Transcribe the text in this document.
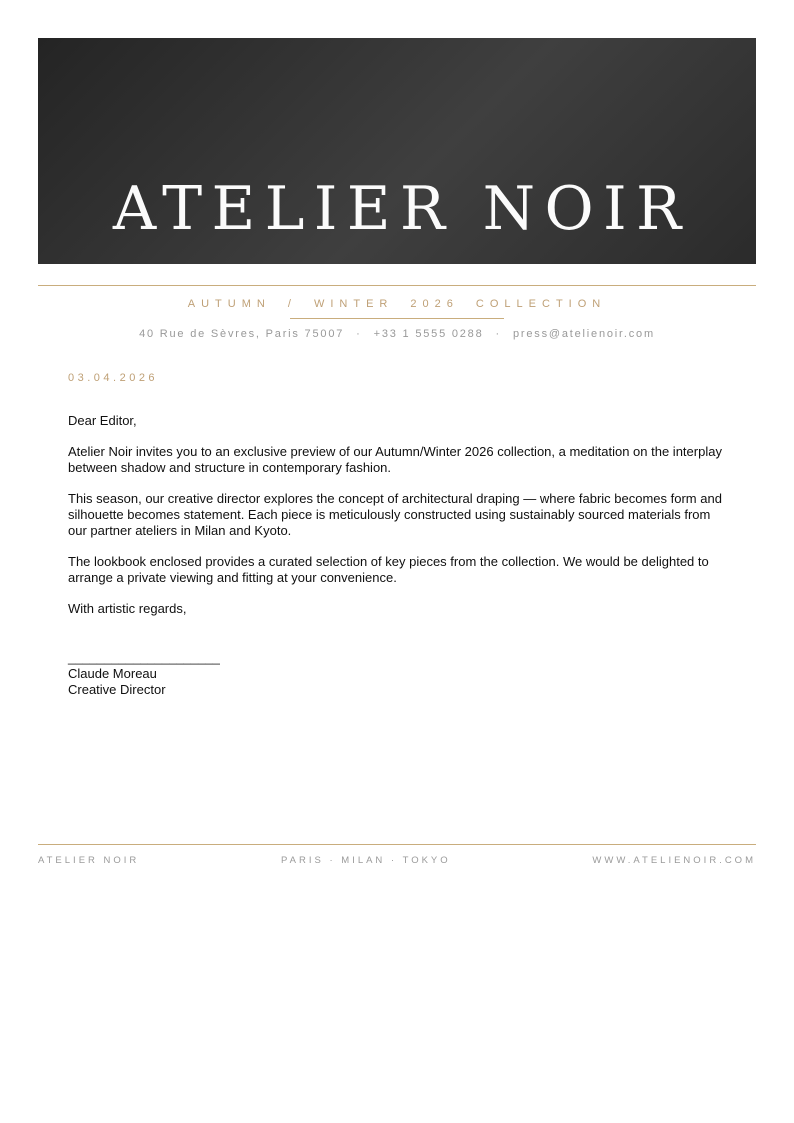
ATELIER NOIR
AUTUMN / WINTER 2026 COLLECTION
40 Rue de Sèvres, Paris 75007 · +33 1 5555 0288 · press@atelienoir.com
03.04.2026

Dear Editor,

Atelier Noir invites you to an exclusive preview of our Autumn/Winter 2026 collection, a meditation on the interplay between shadow and structure in contemporary fashion.

This season, our creative director explores the concept of architectural draping — where fabric becomes form and silhouette becomes statement. Each piece is meticulously constructed using sustainably sourced materials from our partner ateliers in Milan and Kyoto.

The lookbook enclosed provides a curated selection of key pieces from the collection. We would be delighted to arrange a private viewing and fitting at your convenience.

With artistic regards,

_____________________
Claude Moreau
Creative Director
ATELIER NOIR	PARIS · MILAN · TOKYO	WWW.ATELIENOIR.COM
